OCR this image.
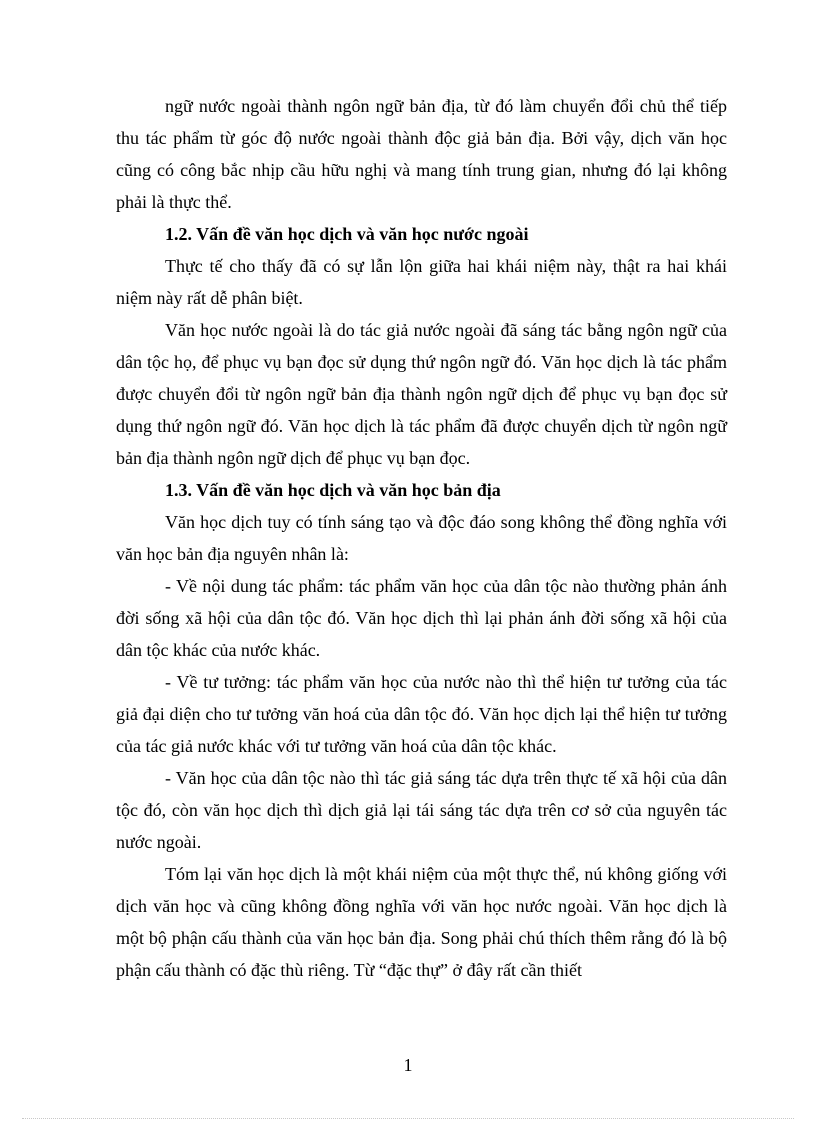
ngữ nước ngoài thành ngôn ngữ bản địa, từ đó làm chuyển đổi chủ thể tiếp thu tác phẩm từ góc độ nước ngoài thành độc giả bản địa. Bởi vậy, dịch văn học cũng có công bắc nhịp cầu hữu nghị và mang tính trung gian, nhưng đó lại không phải là thực thể.

1.2. Vấn đề văn học dịch và văn học nước ngoài

Thực tế cho thấy đã có sự lẫn lộn giữa hai khái niệm này, thật ra hai khái niệm này rất dễ phân biệt.

Văn học nước ngoài là do tác giả nước ngoài đã sáng tác bằng ngôn ngữ của dân tộc họ, để phục vụ bạn đọc sử dụng thứ ngôn ngữ đó. Văn học dịch là tác phẩm được chuyển đổi từ ngôn ngữ bản địa thành ngôn ngữ dịch để phục vụ bạn đọc sử dụng thứ ngôn ngữ đó. Văn học dịch là tác phẩm đã được chuyển dịch từ ngôn ngữ bản địa thành ngôn ngữ dịch để phục vụ bạn đọc.

1.3. Vấn đề văn học dịch và văn học bản địa

Văn học dịch tuy có tính sáng tạo và độc đáo song không thể đồng nghĩa với văn học bản địa nguyên nhân là:

- Về nội dung tác phẩm: tác phẩm văn học của dân tộc nào thường phản ánh đời sống xã hội của dân tộc đó. Văn học dịch thì lại phản ánh đời sống xã hội của dân tộc khác của nước khác.

- Về tư tưởng: tác phẩm văn học của nước nào thì thể hiện tư tưởng của tác giả đại diện cho tư tưởng văn hoá của dân tộc đó. Văn học dịch lại thể hiện tư tưởng của tác giả nước khác với tư tưởng văn hoá của dân tộc khác.

- Văn học của dân tộc nào thì tác giả sáng tác dựa trên thực tế xã hội của dân tộc đó, còn văn học dịch thì dịch giả lại tái sáng tác dựa trên cơ sở của nguyên tác nước ngoài.

Tóm lại văn học dịch là một khái niệm của một thực thể, nú không giống với dịch văn học và cũng không đồng nghĩa với văn học nước ngoài. Văn học dịch là một bộ phận cấu thành của văn học bản địa. Song phải chú thích thêm rằng đó là bộ phận cấu thành có đặc thù riêng. Từ “đặc thự” ở đây rất cần thiết

1
